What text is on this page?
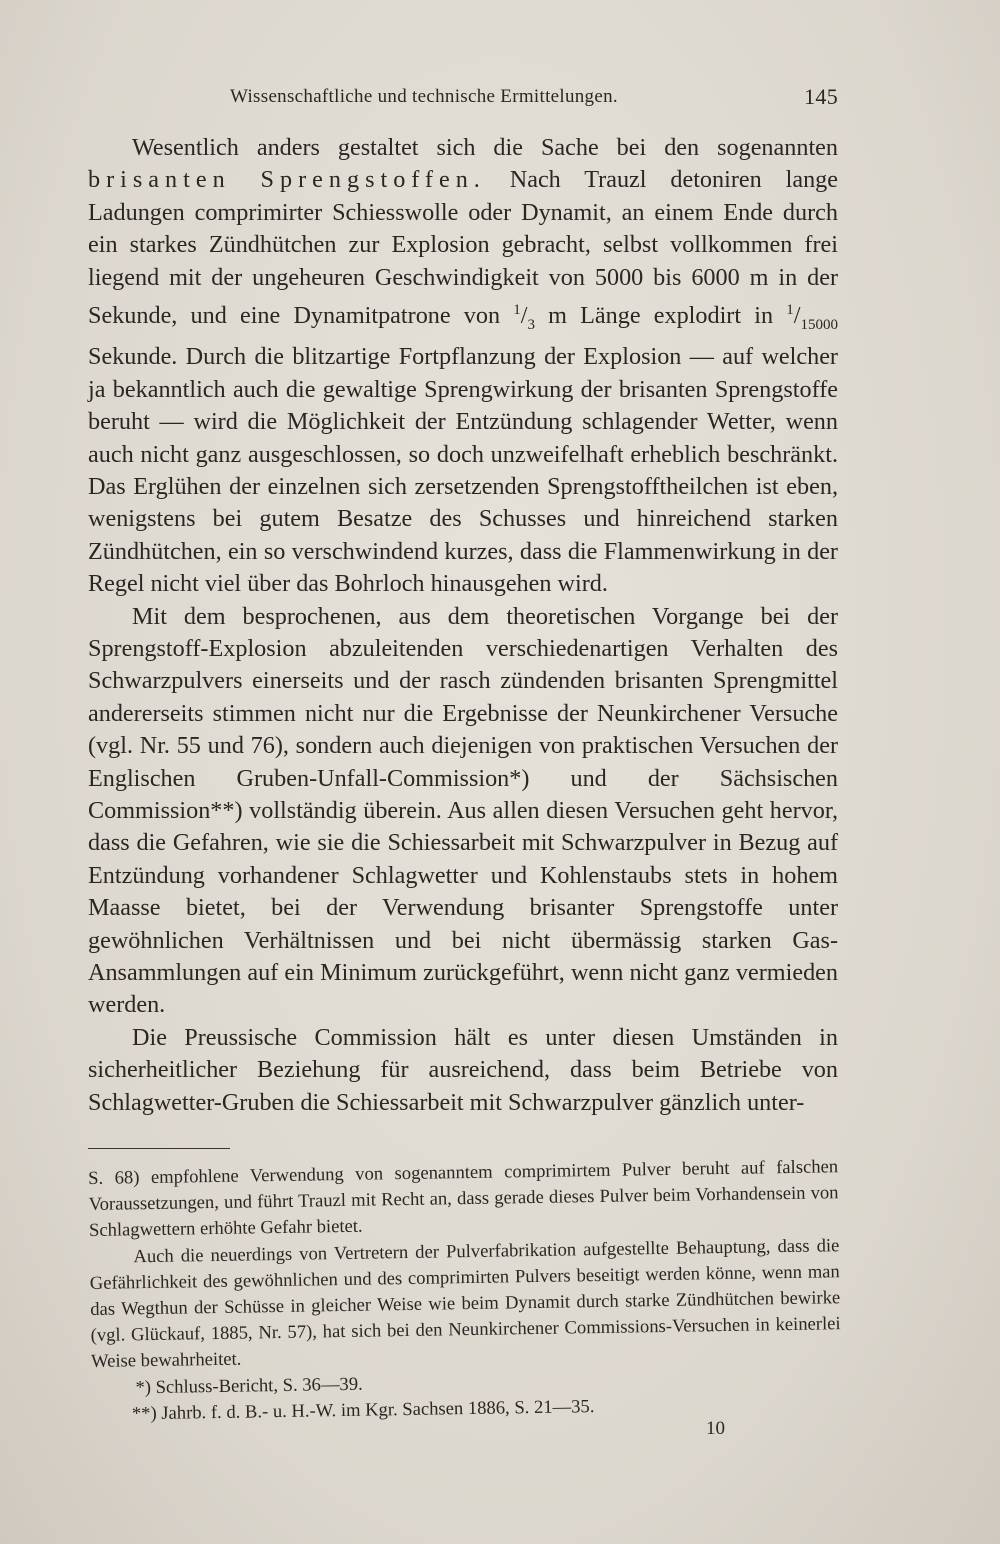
Wissenschaftliche und technische Ermittelungen.	145

Wesentlich anders gestaltet sich die Sache bei den sogenannten brisanten Sprengstoffen. Nach Trauzl detoniren lange Ladungen comprimirter Schiesswolle oder Dynamit, an einem Ende durch ein starkes Zündhütchen zur Explosion gebracht, selbst vollkommen frei liegend mit der ungeheuren Geschwindigkeit von 5000 bis 6000 m in der Sekunde, und eine Dynamitpatrone von $^1/_3$ m Länge explodirt in $^1/_{15000}$ Sekunde. Durch die blitzartige Fortpflanzung der Explosion — auf welcher ja bekanntlich auch die gewaltige Sprengwirkung der brisanten Sprengstoffe beruht — wird die Möglichkeit der Entzündung schlagender Wetter, wenn auch nicht ganz ausgeschlossen, so doch unzweifelhaft erheblich beschränkt. Das Erglühen der einzelnen sich zersetzenden Sprengstofftheilchen ist eben, wenigstens bei gutem Besatze des Schusses und hinreichend starken Zündhütchen, ein so verschwindend kurzes, dass die Flammenwirkung in der Regel nicht viel über das Bohrloch hinausgehen wird.

Mit dem besprochenen, aus dem theoretischen Vorgange bei der Sprengstoff-Explosion abzuleitenden verschiedenartigen Verhalten des Schwarzpulvers einerseits und der rasch zündenden brisanten Sprengmittel andererseits stimmen nicht nur die Ergebnisse der Neunkirchener Versuche (vgl. Nr. 55 und 76), sondern auch diejenigen von praktischen Versuchen der Englischen Gruben-Unfall-Commission*) und der Sächsischen Commission**) vollständig überein. Aus allen diesen Versuchen geht hervor, dass die Gefahren, wie sie die Schiessarbeit mit Schwarzpulver in Bezug auf Entzündung vorhandener Schlagwetter und Kohlenstaubs stets in hohem Maasse bietet, bei der Verwendung brisanter Sprengstoffe unter gewöhnlichen Verhältnissen und bei nicht übermässig starken Gas-Ansammlungen auf ein Minimum zurückgeführt, wenn nicht ganz vermieden werden.

Die Preussische Commission hält es unter diesen Umständen in sicherheitlicher Beziehung für ausreichend, dass beim Betriebe von Schlagwetter-Gruben die Schiessarbeit mit Schwarzpulver gänzlich unter-

S. 68) empfohlene Verwendung von sogenanntem comprimirtem Pulver beruht auf falschen Voraussetzungen, und führt Trauzl mit Recht an, dass gerade dieses Pulver beim Vorhandensein von Schlagwettern erhöhte Gefahr bietet.

Auch die neuerdings von Vertretern der Pulverfabrikation aufgestellte Behauptung, dass die Gefährlichkeit des gewöhnlichen und des comprimirten Pulvers beseitigt werden könne, wenn man das Wegthun der Schüsse in gleicher Weise wie beim Dynamit durch starke Zündhütchen bewirke (vgl. Glückauf, 1885, Nr. 57), hat sich bei den Neunkirchener Commissions-Versuchen in keinerlei Weise bewahrheitet.

*) Schluss-Bericht, S. 36—39.

**) Jahrb. f. d. B.- u. H.-W. im Kgr. Sachsen 1886, S. 21—35.

10
